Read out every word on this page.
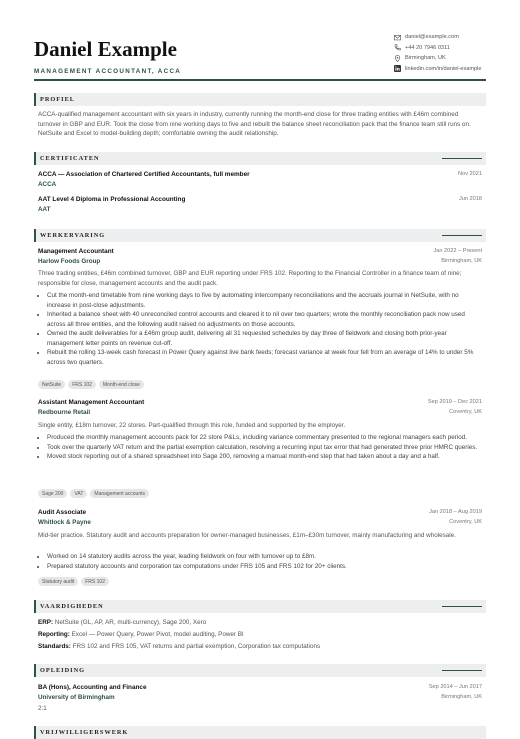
Daniel Example
MANAGEMENT ACCOUNTANT, ACCA
daniel@example.com
+44 20 7946 0311
Birmingham, UK
linkedin.com/in/daniel-example
PROFIEL
ACCA-qualified management accountant with six years in industry, currently running the month-end close for three trading entities with £46m combined turnover in GBP and EUR. Took the close from nine working days to five and rebuilt the balance sheet reconciliation pack that the finance team still runs on. NetSuite and Excel to model-building depth; comfortable owning the audit relationship.
CERTIFICATEN
ACCA — Association of Chartered Certified Accountants, full member	Nov 2021
ACCA
AAT Level 4 Diploma in Professional Accounting	Jun 2018
AAT
WERKERVARING
Management Accountant	Jan 2022 – Present
Harlow Foods Group	Birmingham, UK
Three trading entities, £46m combined turnover, GBP and EUR reporting under FRS 102. Reporting to the Financial Controller in a finance team of nine; responsible for close, management accounts and the audit pack.
• Cut the month-end timetable from nine working days to five by automating intercompany reconciliations and the accruals journal in NetSuite, with no increase in post-close adjustments.
• Inherited a balance sheet with 40 unreconciled control accounts and cleared it to nil over two quarters; wrote the monthly reconciliation pack now used across all three entities, and the following audit raised no adjustments on those accounts.
• Owned the audit deliverables for a £46m group audit, delivering all 31 requested schedules by day three of fieldwork and closing both prior-year management letter points on revenue cut-off.
• Rebuilt the rolling 13-week cash forecast in Power Query against live bank feeds; forecast variance at week four fell from an average of 14% to under 5% across two quarters.
NetSuite	FRS 102	Month-end close
Assistant Management Accountant	Sep 2019 – Dec 2021
Redbourne Retail	Coventry, UK
Single entity, £18m turnover, 22 stores. Part-qualified through this role, funded and supported by the employer.
• Produced the monthly management accounts pack for 22 store P&Ls, including variance commentary presented to the regional managers each period.
• Took over the quarterly VAT return and the partial exemption calculation, resolving a recurring input tax error that had generated three prior HMRC queries.
• Moved stock reporting out of a shared spreadsheet into Sage 200, removing a manual month-end step that had taken about a day and a half.
Sage 200	VAT	Management accounts
Audit Associate	Jan 2018 – Aug 2019
Whitlock & Payne	Coventry, UK
Mid-tier practice. Statutory audit and accounts preparation for owner-managed businesses, £1m–£30m turnover, mainly manufacturing and wholesale.
• Worked on 14 statutory audits across the year, leading fieldwork on four with turnover up to £8m.
• Prepared statutory accounts and corporation tax computations under FRS 105 and FRS 102 for 20+ clients.
Statutory audit	FRS 102
VAARDIGHEDEN
ERP: NetSuite (GL, AP, AR, multi-currency), Sage 200, Xero
Reporting: Excel — Power Query, Power Pivot, model auditing, Power BI
Standards: FRS 102 and FRS 105, VAT returns and partial exemption, Corporation tax computations
OPLEIDING
BA (Hons), Accounting and Finance	Sep 2014 – Jun 2017
University of Birmingham	Birmingham, UK
2:1
VRIJWILLIGERSWERK
